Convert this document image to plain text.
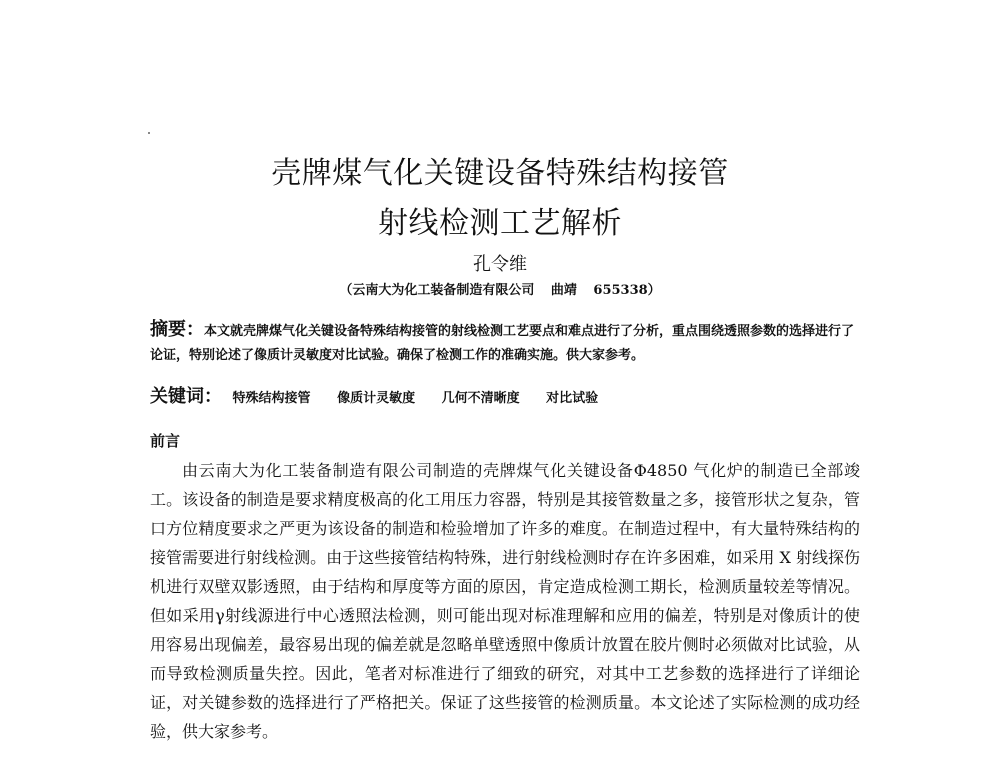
壳牌煤气化关键设备特殊结构接管
射线检测工艺解析
孔令维
（云南大为化工装备制造有限公司 曲靖 655338）
摘要：本文就壳牌煤气化关键设备特殊结构接管的射线检测工艺要点和难点进行了分析，重点围绕透照参数的选择进行了论证，特别论述了像质计灵敏度对比试验。确保了检测工作的准确实施。供大家参考。
关键词： 特殊结构接管 像质计灵敏度 几何不清晰度 对比试验
前言

由云南大为化工装备制造有限公司制造的壳牌煤气化关键设备Φ4850 气化炉的制造已全部竣工。该设备的制造是要求精度极高的化工用压力容器，特别是其接管数量之多，接管形状之复杂，管口方位精度要求之严更为该设备的制造和检验增加了许多的难度。在制造过程中，有大量特殊结构的接管需要进行射线检测。由于这些接管结构特殊，进行射线检测时存在许多困难，如采用 X 射线探伤机进行双壁双影透照，由于结构和厚度等方面的原因，肯定造成检测工期长，检测质量较差等情况。但如采用γ射线源进行中心透照法检测，则可能出现对标准理解和应用的偏差，特别是对像质计的使用容易出现偏差，最容易出现的偏差就是忽略单壁透照中像质计放置在胶片侧时必须做对比试验，从而导致检测质量失控。因此，笔者对标准进行了细致的研究，对其中工艺参数的选择进行了详细论证，对关键参数的选择进行了严格把关。保证了这些接管的检测质量。本文论述了实际检测的成功经验，供大家参考。
